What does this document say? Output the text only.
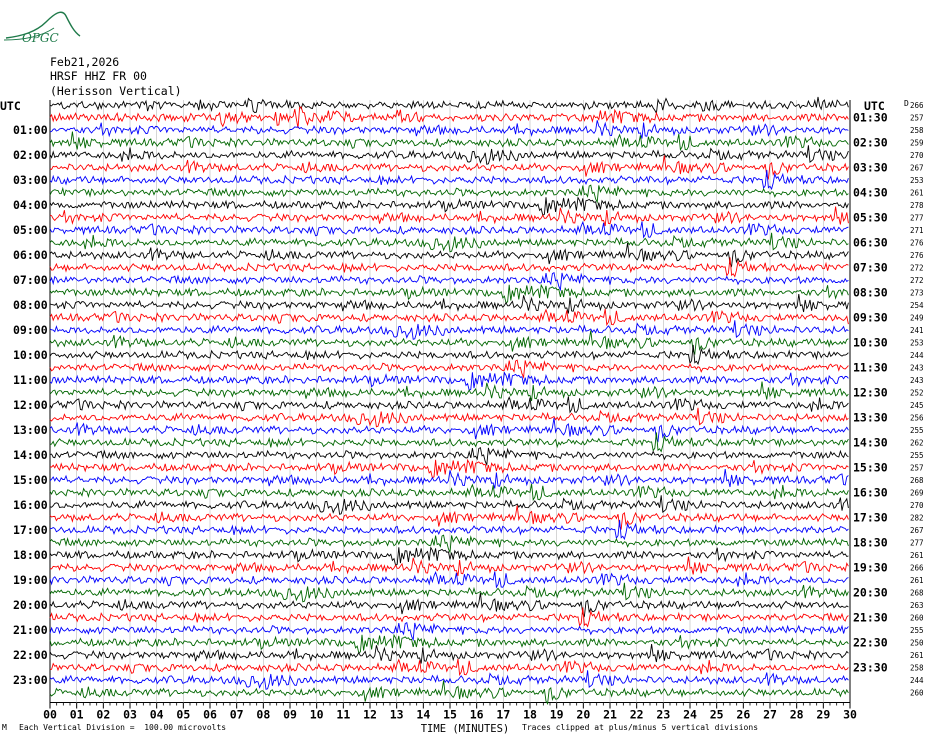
OPGC
Feb21,2026
HRSF HHZ FR 00
(Herisson Vertical)
266
257
258
259
270
267
253
261
278
277
271
276
276
272
272
273
254
249
241
253
244
243
243
252
245
256
255
262
255
257
268
269
270
282
267
277
261
266
261
268
263
260
255
250
261
258
244
260
D
UTC	UTC
01:00
02:00
03:00
04:00
05:00
06:00
07:00
08:00
09:00
10:00
11:00
12:00
13:00
14:00
15:00
16:00
17:00
18:00
19:00
20:00
21:00
22:00
23:00
01:30
02:30
03:30
04:30
05:30
06:30
07:30
08:30
09:30
10:30
11:30
12:30
13:30
14:30
15:30
16:30
17:30
18:30
19:30
20:30
21:30
22:30
23:30
00 01 02 03 04 05 06 07 08 09 10 11 12 13 14 15 16 17 18 19 20 21 22 23 24 25 26 27 28 29 30
TIME (MINUTES)
M Each Vertical Division =  100.00 microvolts	Traces clipped at plus/minus 5 vertical divisions
